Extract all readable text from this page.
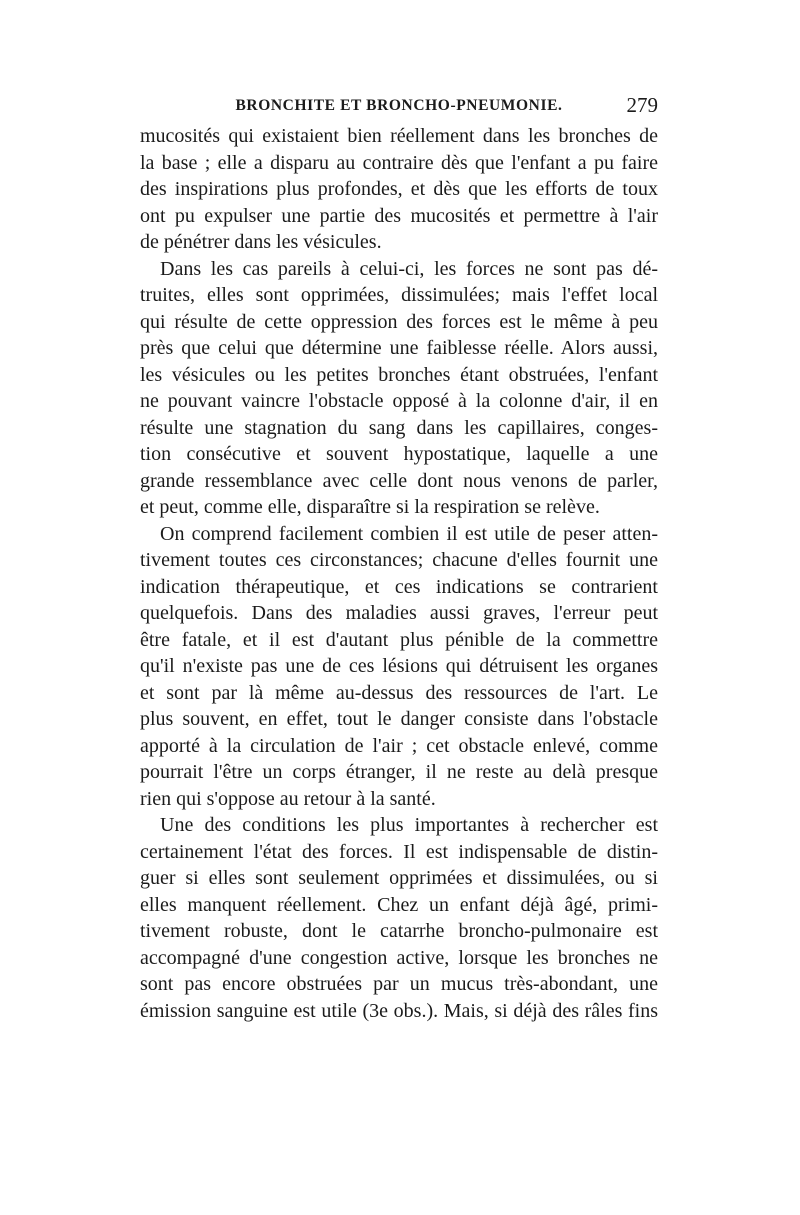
BRONCHITE ET BRONCHO-PNEUMONIE.	279
mucosités qui existaient bien réellement dans les bronches de
la base ; elle a disparu au contraire dès que l'enfant a pu faire
des inspirations plus profondes, et dès que les efforts de toux
ont pu expulser une partie des mucosités et permettre à l'air
de pénétrer dans les vésicules.
Dans les cas pareils à celui-ci, les forces ne sont pas dé-
truites, elles sont opprimées, dissimulées; mais l'effet local
qui résulte de cette oppression des forces est le même à peu
près que celui que détermine une faiblesse réelle. Alors aussi,
les vésicules ou les petites bronches étant obstruées, l'enfant
ne pouvant vaincre l'obstacle opposé à la colonne d'air, il en
résulte une stagnation du sang dans les capillaires, conges-
tion consécutive et souvent hypostatique, laquelle a une
grande ressemblance avec celle dont nous venons de parler,
et peut, comme elle, disparaître si la respiration se relève.
On comprend facilement combien il est utile de peser atten-
tivement toutes ces circonstances; chacune d'elles fournit une
indication thérapeutique, et ces indications se contrarient
quelquefois. Dans des maladies aussi graves, l'erreur peut
être fatale, et il est d'autant plus pénible de la commettre
qu'il n'existe pas une de ces lésions qui détruisent les organes
et sont par là même au-dessus des ressources de l'art. Le
plus souvent, en effet, tout le danger consiste dans l'obstacle
apporté à la circulation de l'air ; cet obstacle enlevé, comme
pourrait l'être un corps étranger, il ne reste au delà presque
rien qui s'oppose au retour à la santé.
Une des conditions les plus importantes à rechercher est
certainement l'état des forces. Il est indispensable de distin-
guer si elles sont seulement opprimées et dissimulées, ou si
elles manquent réellement. Chez un enfant déjà âgé, primi-
tivement robuste, dont le catarrhe broncho-pulmonaire est
accompagné d'une congestion active, lorsque les bronches ne
sont pas encore obstruées par un mucus très-abondant, une
émission sanguine est utile (3e obs.). Mais, si déjà des râles fins
